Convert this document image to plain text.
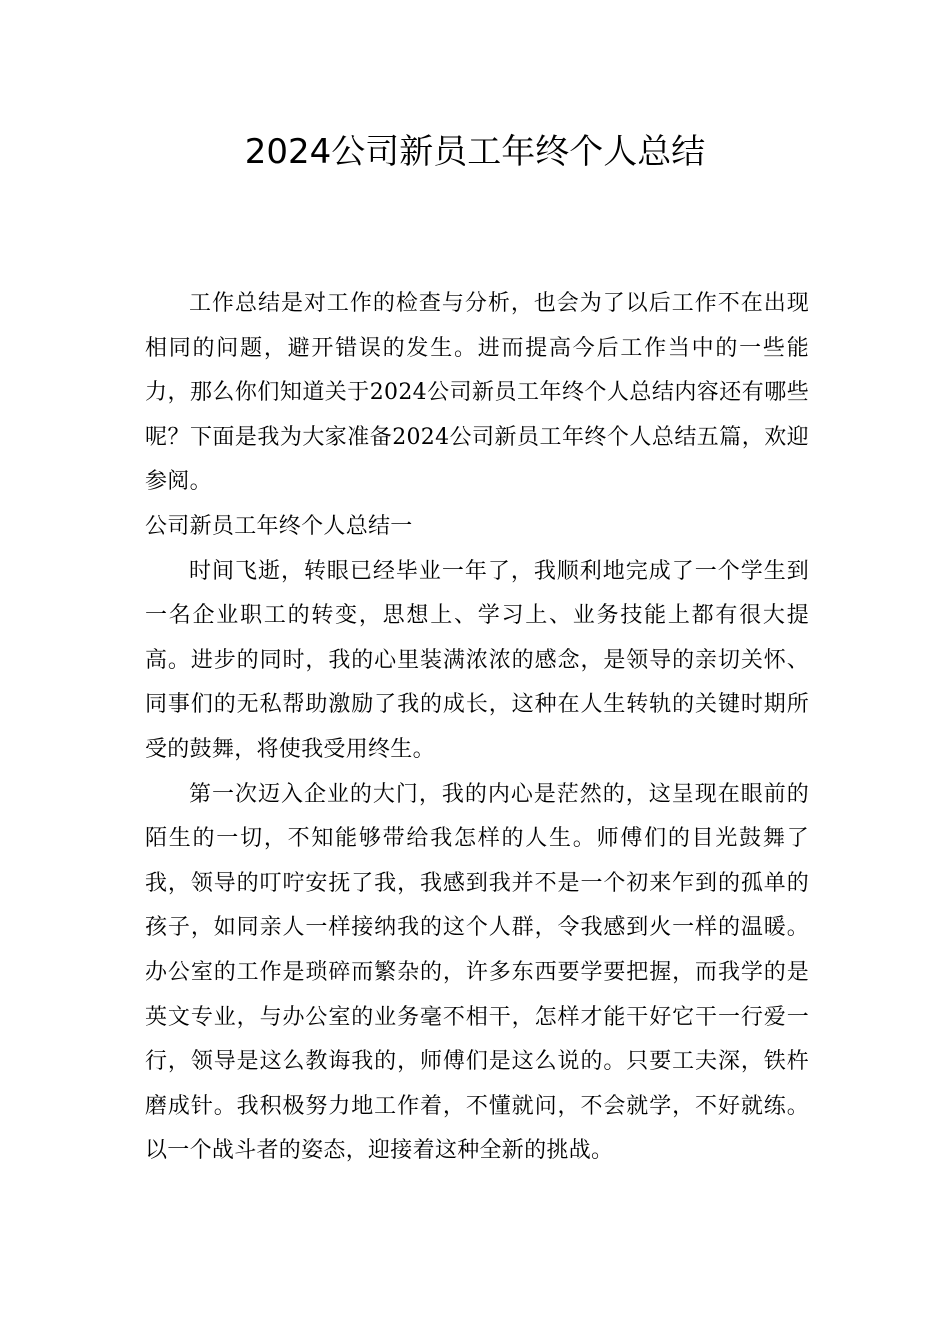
2024公司新员工年终个人总结

工作总结是对工作的检查与分析，也会为了以后工作不在出现相同的问题，避开错误的发生。进而提高今后工作当中的一些能力，那么你们知道关于2024公司新员工年终个人总结内容还有哪些呢？下面是我为大家准备2024公司新员工年终个人总结五篇，欢迎参阅。

公司新员工年终个人总结一

时间飞逝，转眼已经毕业一年了，我顺利地完成了一个学生到一名企业职工的转变，思想上、学习上、业务技能上都有很大提高。进步的同时，我的心里装满浓浓的感念，是领导的亲切关怀、同事们的无私帮助激励了我的成长，这种在人生转轨的关键时期所受的鼓舞，将使我受用终生。

第一次迈入企业的大门，我的内心是茫然的，这呈现在眼前的陌生的一切，不知能够带给我怎样的人生。师傅们的目光鼓舞了我，领导的叮咛安抚了我，我感到我并不是一个初来乍到的孤单的孩子，如同亲人一样接纳我的这个人群，令我感到火一样的温暖。办公室的工作是琐碎而繁杂的，许多东西要学要把握，而我学的是英文专业，与办公室的业务毫不相干，怎样才能干好它干一行爱一行，领导是这么教诲我的，师傅们是这么说的。只要工夫深，铁杵磨成针。我积极努力地工作着，不懂就问，不会就学，不好就练。以一个战斗者的姿态，迎接着这种全新的挑战。
